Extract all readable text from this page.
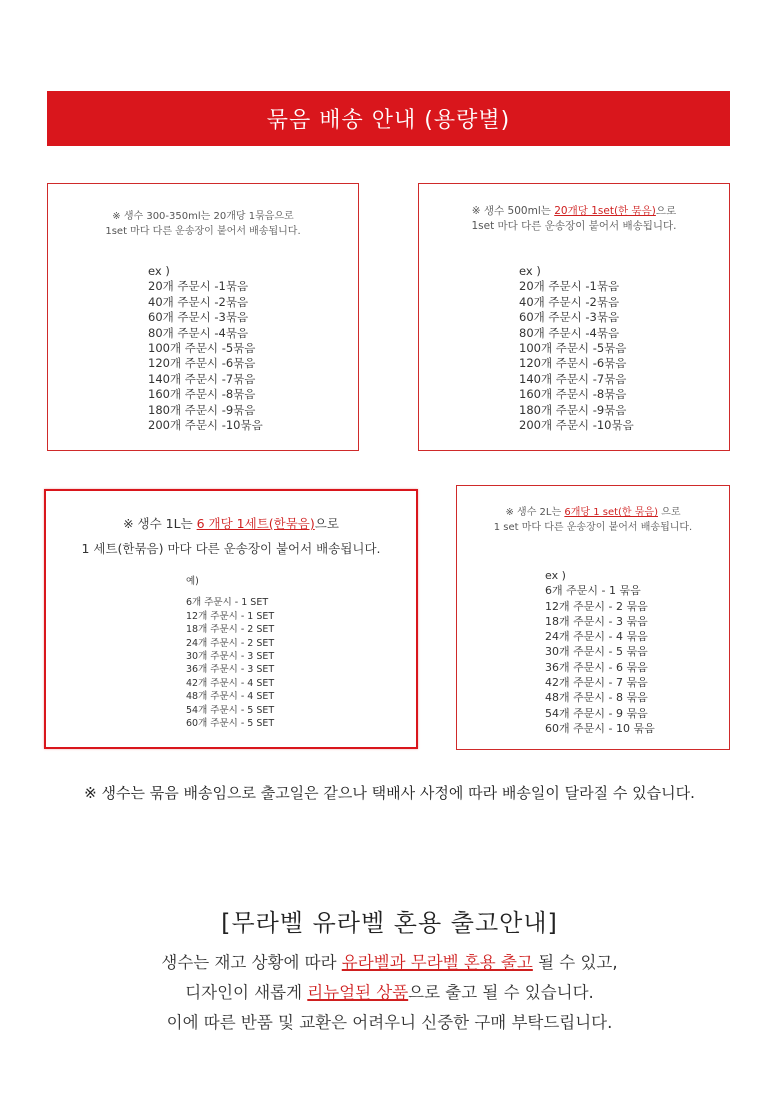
묶음 배송 안내 (용량별)
※ 생수 300-350ml는 20개당 1묶음으로
1set 마다 다른 운송장이 붙어서 배송됩니다.
ex )
20개 주문시 -1묶음
40개 주문시 -2묶음
60개 주문시 -3묶음
80개 주문시 -4묶음
100개 주문시 -5묶음
120개 주문시 -6묶음
140개 주문시 -7묶음
160개 주문시 -8묶음
180개 주문시 -9묶음
200개 주문시 -10묶음
※ 생수 500ml는 20개당 1set(한 묶음)으로
1set 마다 다른 운송장이 붙어서 배송됩니다.
ex )
20개 주문시 -1묶음
40개 주문시 -2묶음
60개 주문시 -3묶음
80개 주문시 -4묶음
100개 주문시 -5묶음
120개 주문시 -6묶음
140개 주문시 -7묶음
160개 주문시 -8묶음
180개 주문시 -9묶음
200개 주문시 -10묶음
※ 생수 1L는 6 개당 1세트(한묶음)으로
1 세트(한묶음) 마다 다른 운송장이 붙어서 배송됩니다.
예)
6개 주문시 - 1 SET
12개 주문시 - 1 SET
18개 주문시 - 2 SET
24개 주문시 - 2 SET
30개 주문시 - 3 SET
36개 주문시 - 3 SET
42개 주문시 - 4 SET
48개 주문시 - 4 SET
54개 주문시 - 5 SET
60개 주문시 - 5 SET
※ 생수 2L는 6개당 1 set(한 묶음) 으로
1 set 마다 다른 운송장이 붙어서 배송됩니다.
ex )
6개 주문시 - 1 묶음
12개 주문시 - 2 묶음
18개 주문시 - 3 묶음
24개 주문시 - 4 묶음
30개 주문시 - 5 묶음
36개 주문시 - 6 묶음
42개 주문시 - 7 묶음
48개 주문시 - 8 묶음
54개 주문시 - 9 묶음
60개 주문시 - 10 묶음
※ 생수는 묶음 배송임으로 출고일은 같으나 택배사 사정에 따라 배송일이 달라질 수 있습니다.
[무라벨 유라벨 혼용 출고안내]
생수는 재고 상황에 따라 유라벨과 무라벨 혼용 출고 될 수 있고,
디자인이 새롭게 리뉴얼된 상품으로 출고 될 수 있습니다.
이에 따른 반품 및 교환은 어려우니 신중한 구매 부탁드립니다.
